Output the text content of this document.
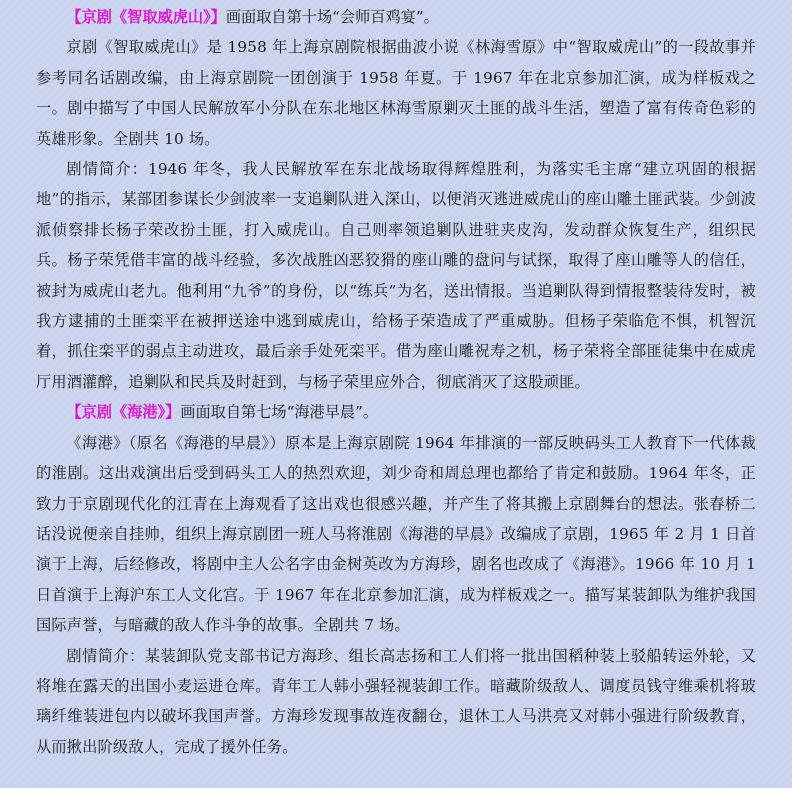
【京剧《智取威虎山》】画面取自第十场“会师百鸡宴”。

京剧《智取威虎山》是 1958 年上海京剧院根据曲波小说《林海雪原》中“智取威虎山”的一段故事并参考同名话剧改编，由上海京剧院一团创演于 1958 年夏。于 1967 年在北京参加汇演，成为样板戏之一。剧中描写了中国人民解放军小分队在东北地区林海雪原剿灭土匪的战斗生活，塑造了富有传奇色彩的英雄形象。全剧共 10 场。

剧情简介：1946 年冬，我人民解放军在东北战场取得辉煌胜利，为落实毛主席“建立巩固的根据地”的指示，某部团参谋长少剑波率一支追剿队进入深山，以便消灭逃进威虎山的座山雕土匪武装。少剑波派侦察排长杨子荣改扮土匪，打入威虎山。自己则率领追剿队进驻夹皮沟，发动群众恢复生产，组织民兵。杨子荣凭借丰富的战斗经验，多次战胜凶恶狡猾的座山雕的盘问与试探，取得了座山雕等人的信任，被封为威虎山老九。他利用“九爷”的身份，以“练兵”为名，送出情报。当追剿队得到情报整装待发时，被我方逮捕的土匪栾平在被押送途中逃到威虎山，给杨子荣造成了严重威胁。但杨子荣临危不惧，机智沉着，抓住栾平的弱点主动进攻，最后亲手处死栾平。借为座山雕祝寿之机，杨子荣将全部匪徒集中在威虎厅用酒灌醉，追剿队和民兵及时赶到，与杨子荣里应外合，彻底消灭了这股顽匪。

【京剧《海港》】画面取自第七场“海港早晨”。

《海港》（原名《海港的早晨》）原本是上海京剧院 1964 年排演的一部反映码头工人教育下一代体裁的淮剧。这出戏演出后受到码头工人的热烈欢迎，刘少奇和周总理也都给了肯定和鼓励。1964 年冬，正致力于京剧现代化的江青在上海观看了这出戏也很感兴趣，并产生了将其搬上京剧舞台的想法。张春桥二话没说便亲自挂帅，组织上海京剧团一班人马将淮剧《海港的早晨》改编成了京剧，1965 年 2 月 1 日首演于上海，后经修改，将剧中主人公名字由金树英改为方海珍，剧名也改成了《海港》。1966 年 10 月 1 日首演于上海沪东工人文化宫。于 1967 年在北京参加汇演，成为样板戏之一。描写某装卸队为维护我国国际声誉，与暗藏的敌人作斗争的故事。全剧共 7 场。

剧情简介：某装卸队党支部书记方海珍、组长高志扬和工人们将一批出国稻种装上驳船转运外轮，又将堆在露天的出国小麦运进仓库。青年工人韩小强轻视装卸工作。暗藏阶级敌人、调度员钱守维乘机将玻璃纤维装进包内以破坏我国声誉。方海珍发现事故连夜翻仓，退休工人马洪亮又对韩小强进行阶级教育，从而揪出阶级敌人，完成了援外任务。
